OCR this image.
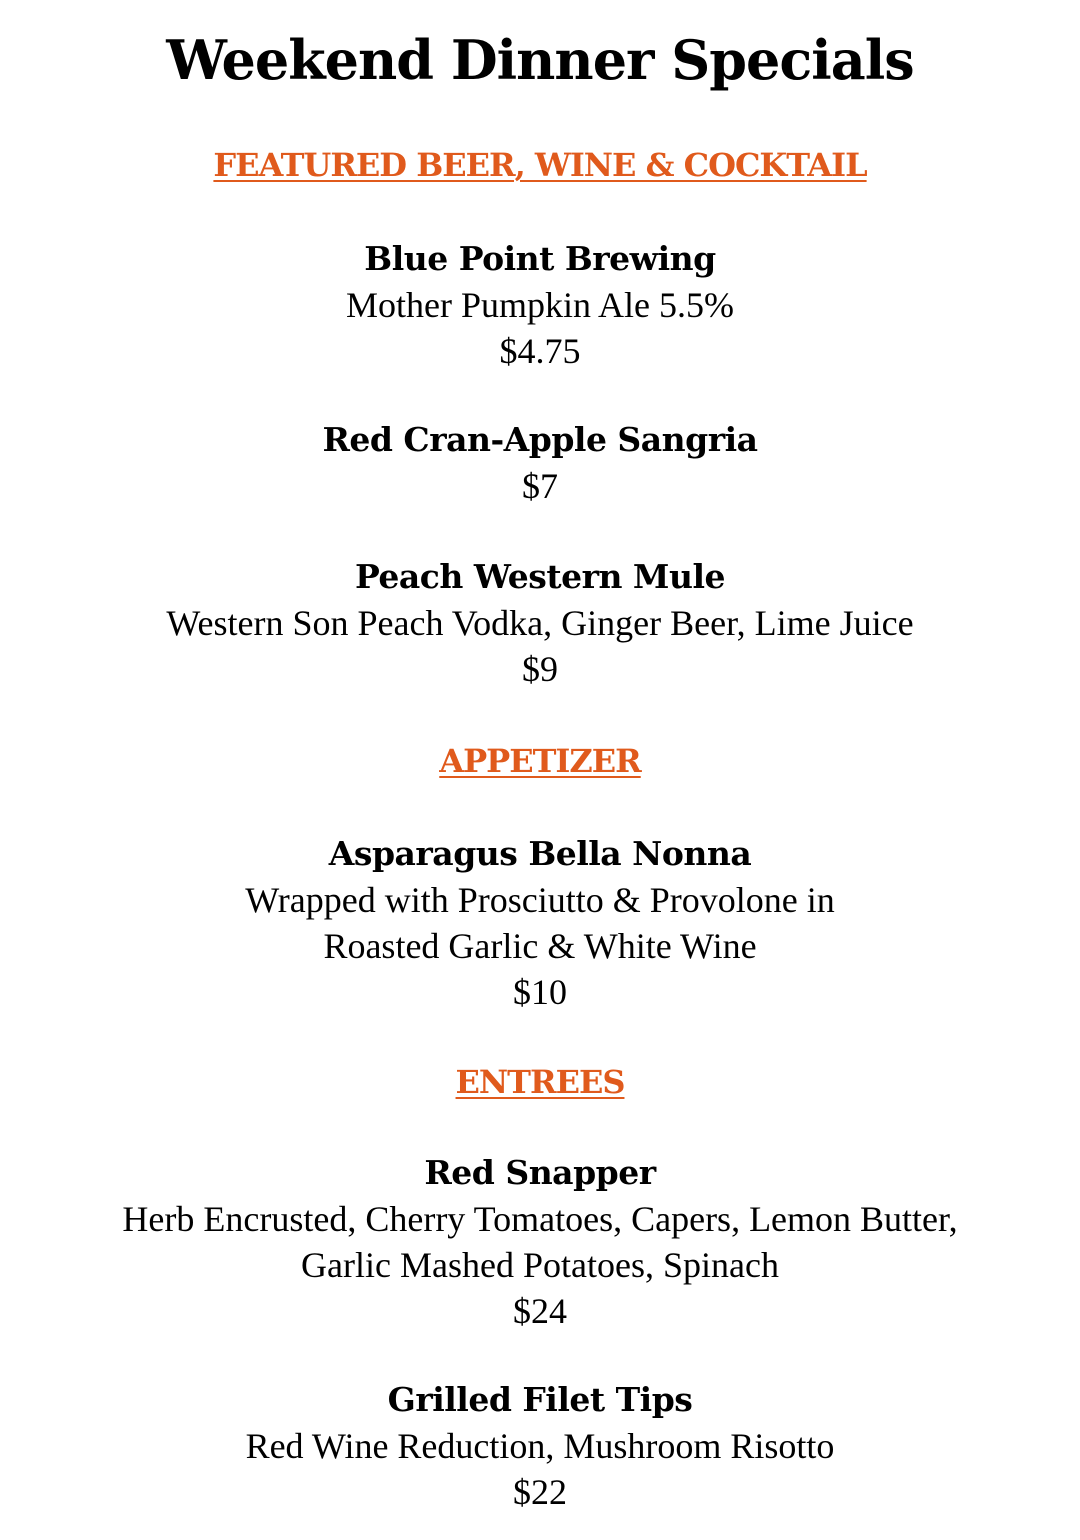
Weekend Dinner Specials
FEATURED BEER, WINE & COCKTAIL
Blue Point Brewing
Mother Pumpkin Ale 5.5%
$4.75
Red Cran-Apple Sangria
$7
Peach Western Mule
Western Son Peach Vodka, Ginger Beer, Lime Juice
$9
APPETIZER
Asparagus Bella Nonna
Wrapped with Prosciutto & Provolone in
Roasted Garlic & White Wine
$10
ENTREES
Red Snapper
Herb Encrusted, Cherry Tomatoes, Capers, Lemon Butter,
Garlic Mashed Potatoes, Spinach
$24
Grilled Filet Tips
Red Wine Reduction, Mushroom Risotto
$22
